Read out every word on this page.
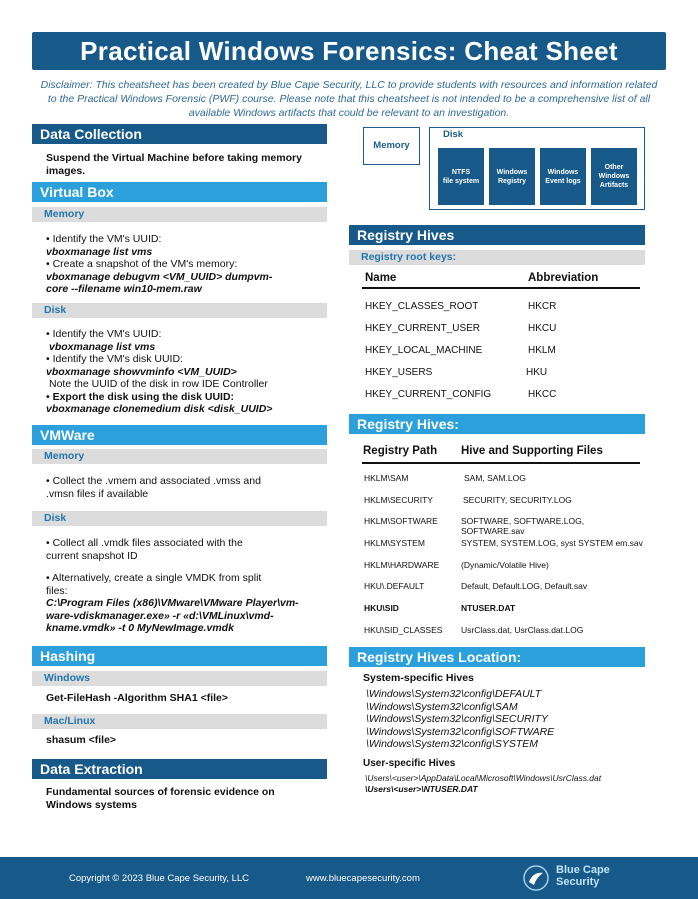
Practical Windows Forensics: Cheat Sheet
Disclaimer: This cheatsheet has been created by Blue Cape Security, LLC to provide students with resources and information related to the Practical Windows Forensic (PWF) course. Please note that this cheatsheet is not intended to be a comprehensive list of all available Windows artifacts that could be relevant to an investigation.
Data Collection
Suspend the Virtual Machine before taking memory images.
Virtual Box
Memory
• Identify the VM's UUID:
vboxmanage list vms
• Create a snapshot of the VM's memory:
vboxmanage debugvm <VM_UUID> dumpvm-
core --filename win10-mem.raw
Disk
• Identify the VM's UUID:
vboxmanage list vms
• Identify the VM's disk UUID:
vboxmanage showvminfo <VM_UUID>
Note the UUID of the disk in row IDE Controller
• Export the disk using the disk UUID:
vboxmanage clonemedium disk <disk_UUID>
VMWare
Memory
• Collect the .vmem and associated .vmss and
.vmsn files if available
Disk
• Collect all .vmdk files associated with the
current snapshot ID
• Alternatively, create a single VMDK from split
files:
C:\Program Files (x86)\VMware\VMware Player\vm-
ware-vdiskmanager.exe» -r «d:\VMLinux\vmd-
kname.vmdk» -t 0 MyNewImage.vmdk
Hashing
Windows
Get-FileHash -Algorithm SHA1 <file>
Mac/Linux
shasum <file>
Data Extraction
Fundamental sources of forensic evidence on
Windows systems
Memory
Disk
NTFS
file system
Windows
Registry
Windows
Event logs
Other
Windows
Artifacts
Registry Hives
Registry root keys:
Name	Abbreviation
HKEY_CLASSES_ROOT	HKCR
HKEY_CURRENT_USER	HKCU
HKEY_LOCAL_MACHINE	HKLM
HKEY_USERS	HKU
HKEY_CURRENT_CONFIG	HKCC
Registry Hives:
Registry Path Hive and Supporting Files
HKLM\SAM	SAM, SAM.LOG
HKLM\SECURITY	SECURITY, SECURITY.LOG
HKLM\SOFTWARE	SOFTWARE, SOFTWARE.LOG, SOFTWARE.sav
HKLM\SYSTEM	SYSTEM, SYSTEM.LOG, syst SYSTEM em.sav
HKLM\HARDWARE	(Dynamic/Volatile Hive)
HKU\.DEFAULT	Default, Default.LOG, Default.sav
HKU\SID	NTUSER.DAT
HKU\SID_CLASSES UsrClass.dat, UsrClass.dat.LOG
Registry Hives Location:
System-specific Hives
\Windows\System32\config\DEFAULT
\Windows\System32\config\SAM
\Windows\System32\config\SECURITY
\Windows\System32\config\SOFTWARE
\Windows\System32\config\SYSTEM
User-specific Hives
\Users\<user>\AppData\Local\Microsoft\Windows\UsrClass.dat
\Users\<user>\NTUSER.DAT
Copyright © 2023 Blue Cape Security, LLC	www.bluecapesecurity.com
Blue Cape
Security
